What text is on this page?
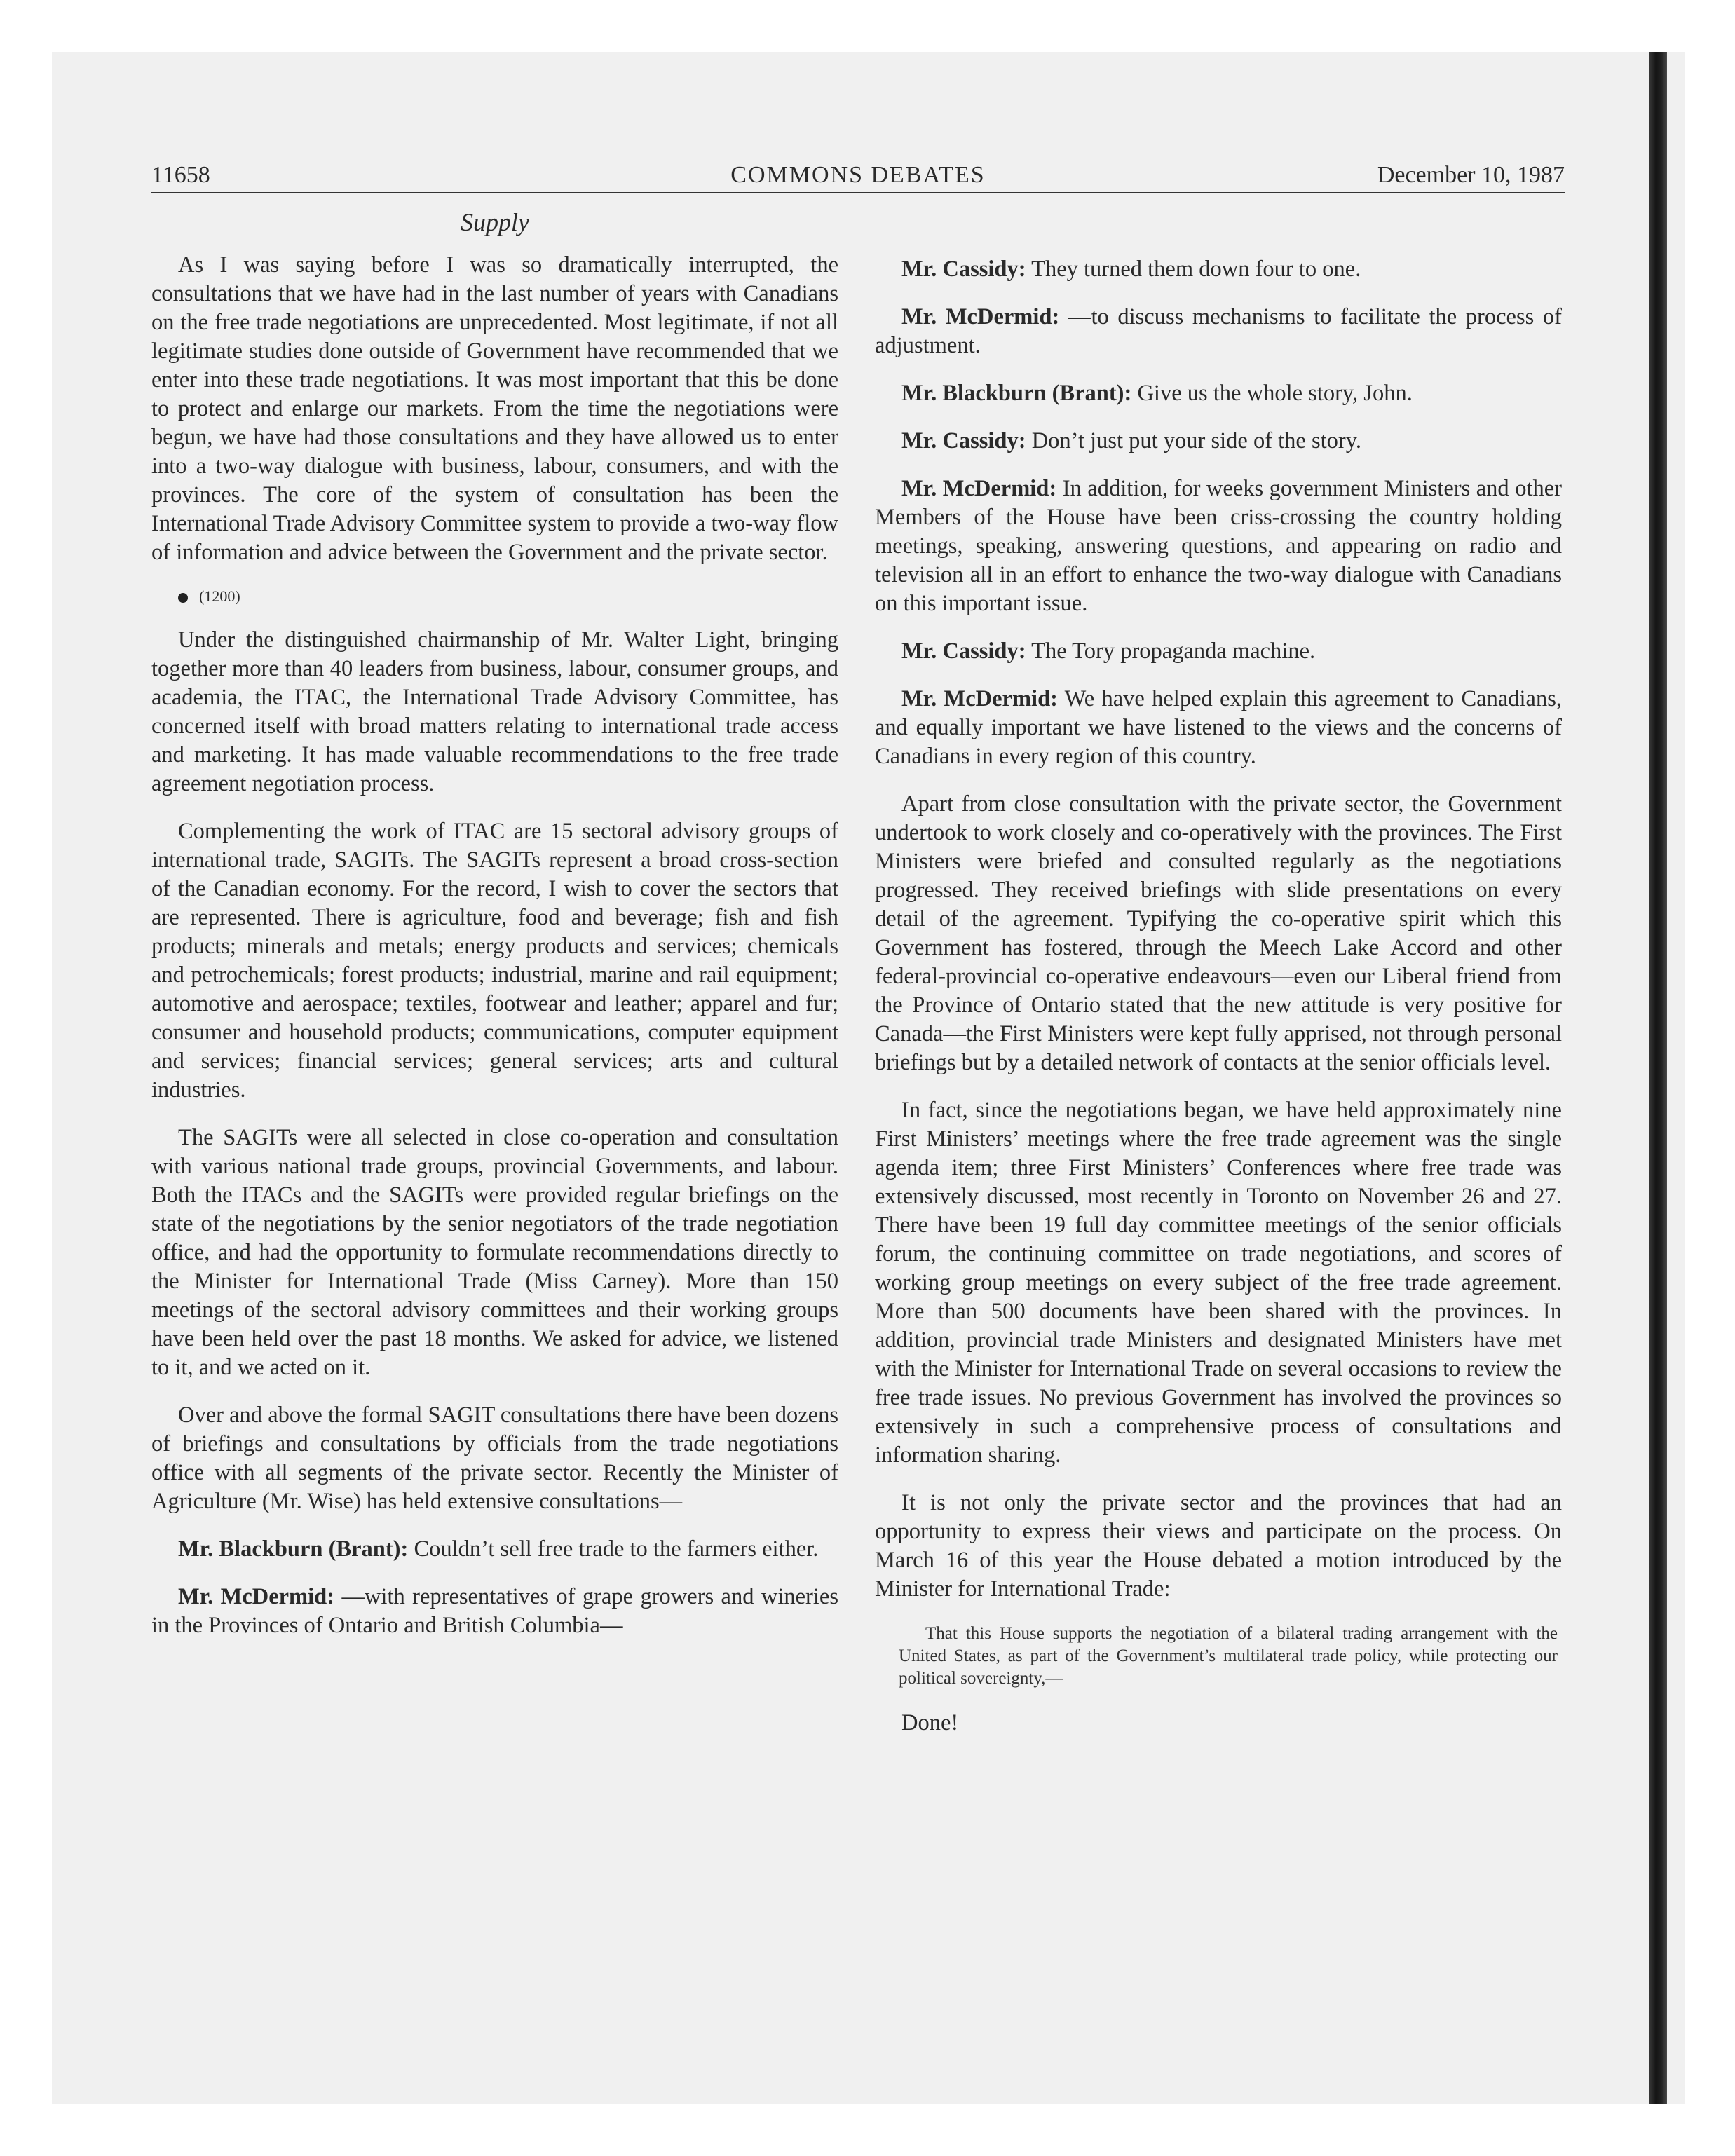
11658	COMMONS DEBATES	December 10, 1987
Supply

As I was saying before I was so dramatically interrupted, the consultations that we have had in the last number of years with Canadians on the free trade negotiations are unprecedented. Most legitimate, if not all legitimate studies done outside of Government have recommended that we enter into these trade negotiations. It was most important that this be done to protect and enlarge our markets. From the time the negotiations were begun, we have had those consultations and they have allowed us to enter into a two-way dialogue with business, labour, consumers, and with the provinces. The core of the system of consultation has been the International Trade Advisory Committee system to provide a two-way flow of information and advice between the Government and the private sector.

(1200)

Under the distinguished chairmanship of Mr. Walter Light, bringing together more than 40 leaders from business, labour, consumer groups, and academia, the ITAC, the International Trade Advisory Committee, has concerned itself with broad matters relating to international trade access and marketing. It has made valuable recommendations to the free trade agreement negotiation process.

Complementing the work of ITAC are 15 sectoral advisory groups of international trade, SAGITs. The SAGITs represent a broad cross-section of the Canadian economy. For the record, I wish to cover the sectors that are represented. There is agriculture, food and beverage; fish and fish products; minerals and metals; energy products and services; chemicals and petrochemicals; forest products; industrial, marine and rail equipment; automotive and aerospace; textiles, footwear and leather; apparel and fur; consumer and household products; communications, computer equipment and services; financial services; general services; arts and cultural industries.

The SAGITs were all selected in close co-operation and consultation with various national trade groups, provincial Governments, and labour. Both the ITACs and the SAGITs were provided regular briefings on the state of the negotiations by the senior negotiators of the trade negotiation office, and had the opportunity to formulate recommendations directly to the Minister for International Trade (Miss Carney). More than 150 meetings of the sectoral advisory committees and their working groups have been held over the past 18 months. We asked for advice, we listened to it, and we acted on it.

Over and above the formal SAGIT consultations there have been dozens of briefings and consultations by officials from the trade negotiations office with all segments of the private sector. Recently the Minister of Agriculture (Mr. Wise) has held extensive consultations—

Mr. Blackburn (Brant): Couldn’t sell free trade to the farmers either.

Mr. McDermid: —with representatives of grape growers and wineries in the Provinces of Ontario and British Columbia—

Mr. Cassidy: They turned them down four to one.

Mr. McDermid: —to discuss mechanisms to facilitate the process of adjustment.

Mr. Blackburn (Brant): Give us the whole story, John.

Mr. Cassidy: Don’t just put your side of the story.

Mr. McDermid: In addition, for weeks government Ministers and other Members of the House have been criss-crossing the country holding meetings, speaking, answering questions, and appearing on radio and television all in an effort to enhance the two-way dialogue with Canadians on this important issue.

Mr. Cassidy: The Tory propaganda machine.

Mr. McDermid: We have helped explain this agreement to Canadians, and equally important we have listened to the views and the concerns of Canadians in every region of this country.

Apart from close consultation with the private sector, the Government undertook to work closely and co-operatively with the provinces. The First Ministers were briefed and consulted regularly as the negotiations progressed. They received briefings with slide presentations on every detail of the agreement. Typifying the co-operative spirit which this Government has fostered, through the Meech Lake Accord and other federal-provincial co-operative endeavours—even our Liberal friend from the Province of Ontario stated that the new attitude is very positive for Canada—the First Ministers were kept fully apprised, not through personal briefings but by a detailed network of contacts at the senior officials level.

In fact, since the negotiations began, we have held approximately nine First Ministers’ meetings where the free trade agreement was the single agenda item; three First Ministers’ Conferences where free trade was extensively discussed, most recently in Toronto on November 26 and 27. There have been 19 full day committee meetings of the senior officials forum, the continuing committee on trade negotiations, and scores of working group meetings on every subject of the free trade agreement. More than 500 documents have been shared with the provinces. In addition, provincial trade Ministers and designated Ministers have met with the Minister for International Trade on several occasions to review the free trade issues. No previous Government has involved the provinces so extensively in such a comprehensive process of consultations and information sharing.

It is not only the private sector and the provinces that had an opportunity to express their views and participate on the process. On March 16 of this year the House debated a motion introduced by the Minister for International Trade:

That this House supports the negotiation of a bilateral trading arrangement with the United States, as part of the Government’s multilateral trade policy, while protecting our political sovereignty,—

Done!
